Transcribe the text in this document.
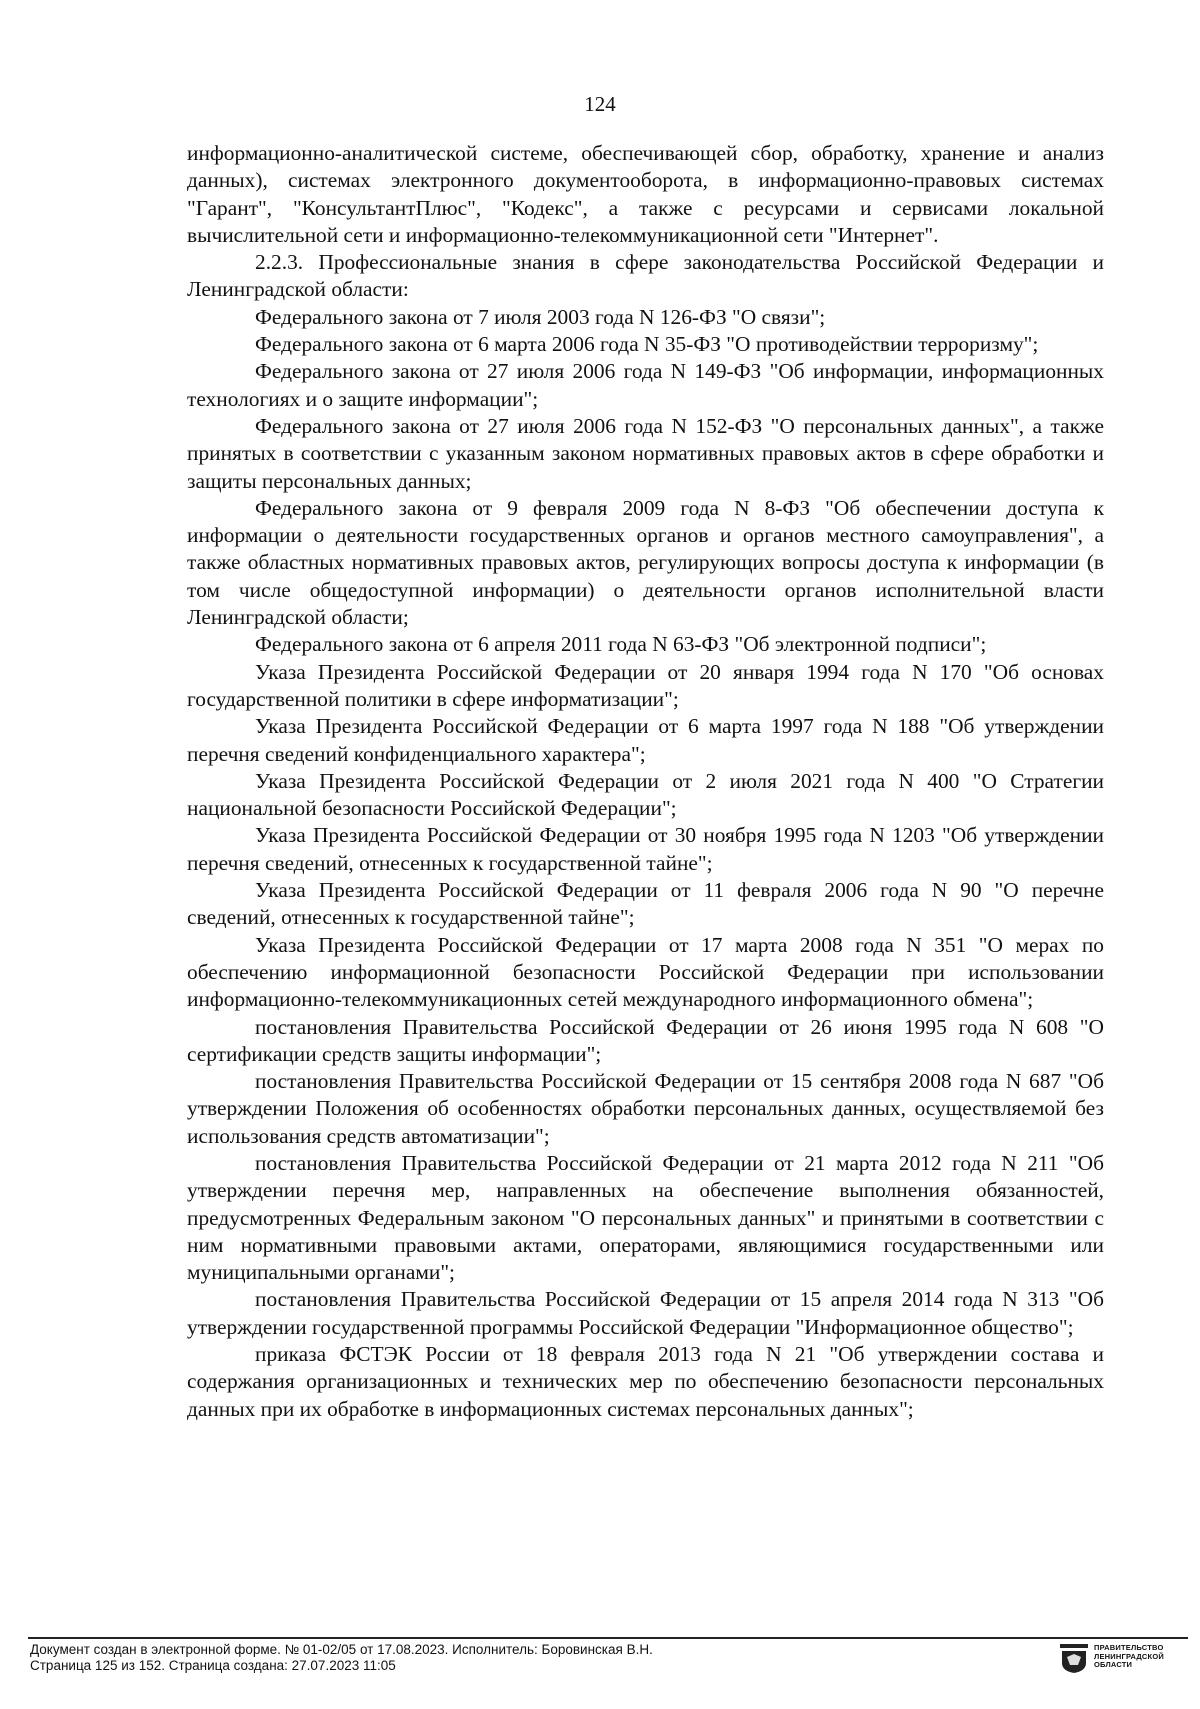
124

информационно-аналитической системе, обеспечивающей сбор, обработку, хранение и анализ данных), системах электронного документооборота, в информационно-правовых системах "Гарант", "КонсультантПлюс", "Кодекс", а также с ресурсами и сервисами локальной вычислительной сети и информационно-телекоммуникационной сети "Интернет".

2.2.3. Профессиональные знания в сфере законодательства Российской Федерации и Ленинградской области:

Федерального закона от 7 июля 2003 года N 126-ФЗ "О связи";

Федерального закона от 6 марта 2006 года N 35-ФЗ "О противодействии терроризму";

Федерального закона от 27 июля 2006 года N 149-ФЗ "Об информации, информационных технологиях и о защите информации";

Федерального закона от 27 июля 2006 года N 152-ФЗ "О персональных данных", а также принятых в соответствии с указанным законом нормативных правовых актов в сфере обработки и защиты персональных данных;

Федерального закона от 9 февраля 2009 года N 8-ФЗ "Об обеспечении доступа к информации о деятельности государственных органов и органов местного самоуправления", а также областных нормативных правовых актов, регулирующих вопросы доступа к информации (в том числе общедоступной информации) о деятельности органов исполнительной власти Ленинградской области;

Федерального закона от 6 апреля 2011 года N 63-ФЗ "Об электронной подписи";

Указа Президента Российской Федерации от 20 января 1994 года N 170 "Об основах государственной политики в сфере информатизации";

Указа Президента Российской Федерации от 6 марта 1997 года N 188 "Об утверждении перечня сведений конфиденциального характера";

Указа Президента Российской Федерации от 2 июля 2021 года N 400 "О Стратегии национальной безопасности Российской Федерации";

Указа Президента Российской Федерации от 30 ноября 1995 года N 1203 "Об утверждении перечня сведений, отнесенных к государственной тайне";

Указа Президента Российской Федерации от 11 февраля 2006 года N 90 "О перечне сведений, отнесенных к государственной тайне";

Указа Президента Российской Федерации от 17 марта 2008 года N 351 "О мерах по обеспечению информационной безопасности Российской Федерации при использовании информационно-телекоммуникационных сетей международного информационного обмена";

постановления Правительства Российской Федерации от 26 июня 1995 года N 608 "О сертификации средств защиты информации";

постановления Правительства Российской Федерации от 15 сентября 2008 года N 687 "Об утверждении Положения об особенностях обработки персональных данных, осуществляемой без использования средств автоматизации";

постановления Правительства Российской Федерации от 21 марта 2012 года N 211 "Об утверждении перечня мер, направленных на обеспечение выполнения обязанностей, предусмотренных Федеральным законом "О персональных данных" и принятыми в соответствии с ним нормативными правовыми актами, операторами, являющимися государственными или муниципальными органами";

постановления Правительства Российской Федерации от 15 апреля 2014 года N 313 "Об утверждении государственной программы Российской Федерации "Информационное общество";

приказа ФСТЭК России от 18 февраля 2013 года N 21 "Об утверждении состава и содержания организационных и технических мер по обеспечению безопасности персональных данных при их обработке в информационных системах персональных данных";

Документ создан в электронной форме. № 01-02/05 от 17.08.2023. Исполнитель: Боровинская В.Н.
Страница 125 из 152. Страница создана: 27.07.2023 11:05
ПРАВИТЕЛЬСТВО
ЛЕНИНГРАДСКОЙ
ОБЛАСТИ
